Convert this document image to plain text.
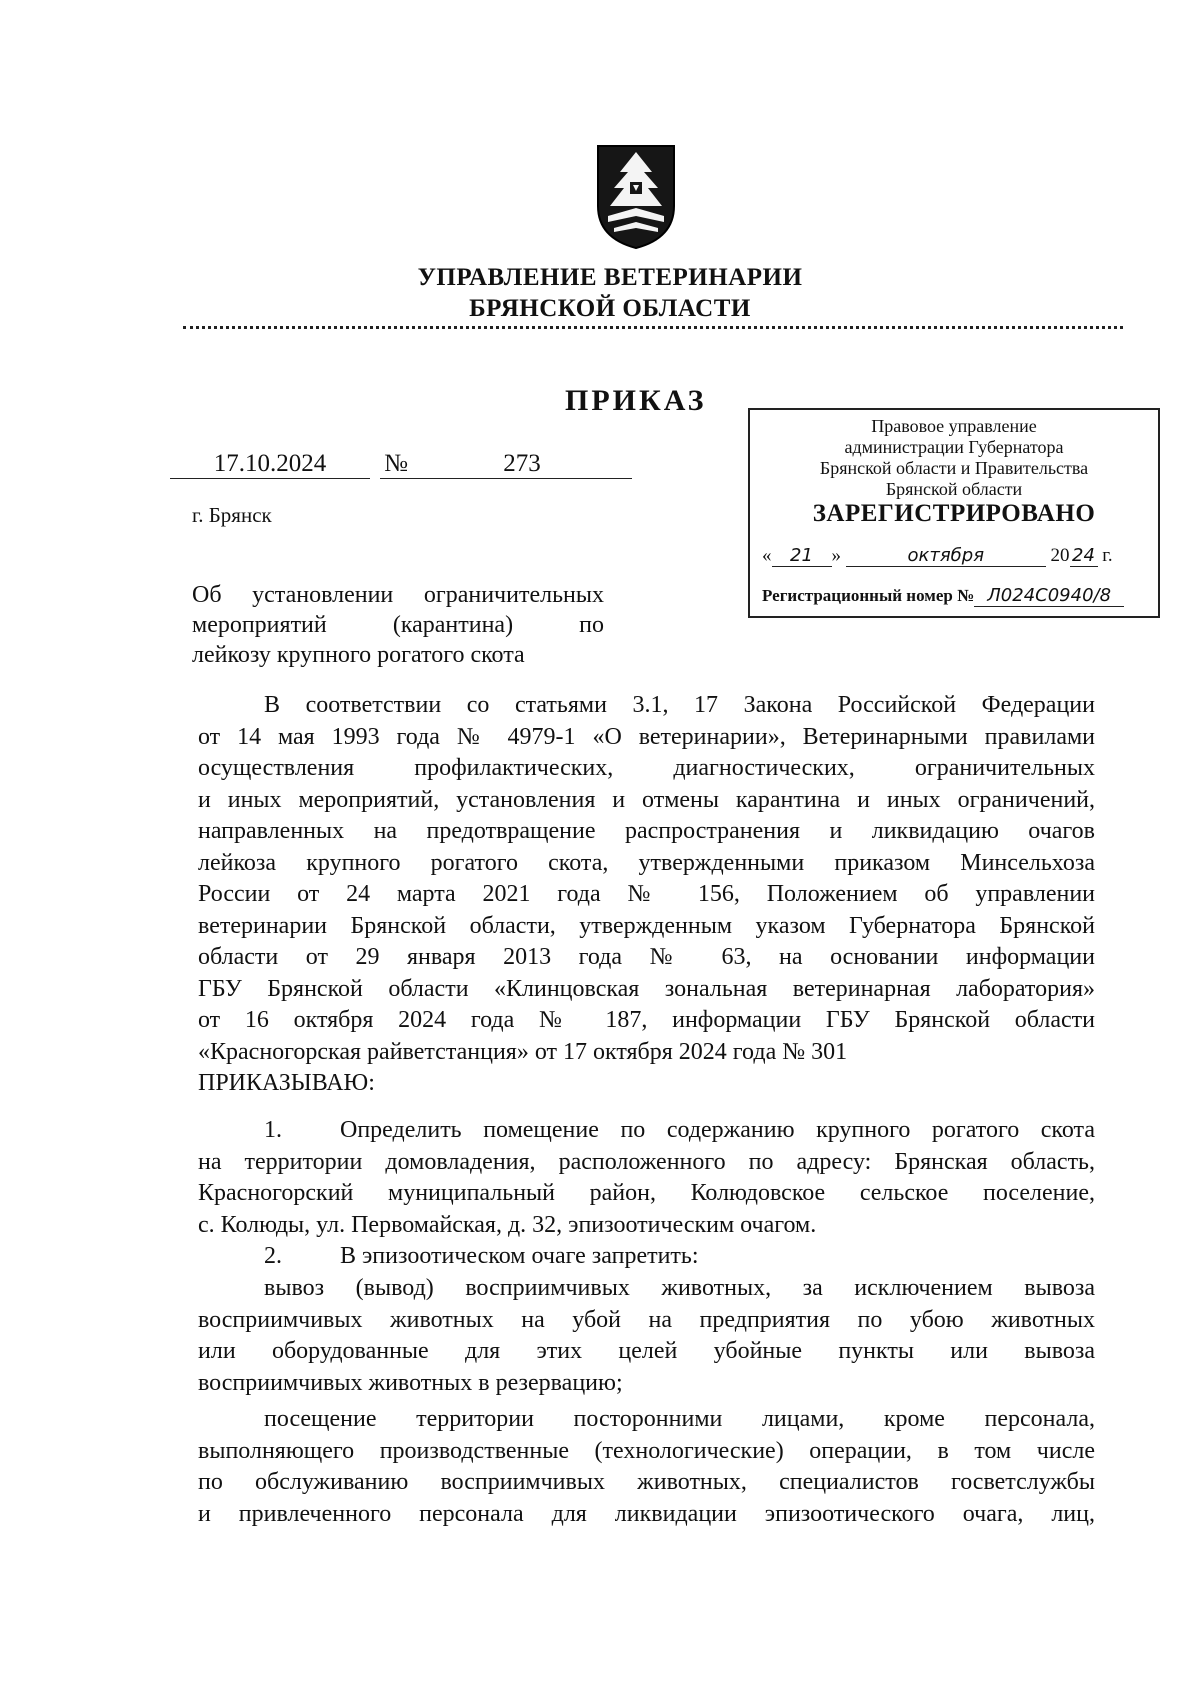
УПРАВЛЕНИЕ ВЕТЕРИНАРИИ
БРЯНСКОЙ ОБЛАСТИ
ПРИКАЗ
17.10.2024	№	273
г. Брянск
Об установлении ограничительных
мероприятий (карантина) по
лейкозу крупного рогатого скота
Правовое управление
администрации Губернатора
Брянской области и Правительства
Брянской области
ЗАРЕГИСТРИРОВАНО
« 21 »	октября	20 24 г.
Регистрационный номер № Л024С0940/8
В соответствии со статьями 3.1, 17 Закона Российской Федерации
от 14 мая 1993 года № 4979-1 «О ветеринарии», Ветеринарными правилами
осуществления профилактических, диагностических, ограничительных
и иных мероприятий, установления и отмены карантина и иных ограничений,
направленных на предотвращение распространения и ликвидацию очагов
лейкоза крупного рогатого скота, утвержденными приказом Минсельхоза
России от 24 марта 2021 года № 156, Положением об управлении
ветеринарии Брянской области, утвержденным указом Губернатора Брянской
области от 29 января 2013 года № 63, на основании информации
ГБУ Брянской области «Клинцовская зональная ветеринарная лаборатория»
от 16 октября 2024 года № 187, информации ГБУ Брянской области
«Красногорская райветстанция» от 17 октября 2024 года № 301
ПРИКАЗЫВАЮ:
1. Определить помещение по содержанию крупного рогатого скота
на территории домовладения, расположенного по адресу: Брянская область,
Красногорский муниципальный район, Колюдовское сельское поселение,
с. Колюды, ул. Первомайская, д. 32, эпизоотическим очагом.
2. В эпизоотическом очаге запретить:
вывоз (вывод) восприимчивых животных, за исключением вывоза
восприимчивых животных на убой на предприятия по убою животных
или оборудованные для этих целей убойные пункты или вывоза
восприимчивых животных в резервацию;
посещение территории посторонними лицами, кроме персонала,
выполняющего производственные (технологические) операции, в том числе
по обслуживанию восприимчивых животных, специалистов госветслужбы
и привлеченного персонала для ликвидации эпизоотического очага, лиц,
